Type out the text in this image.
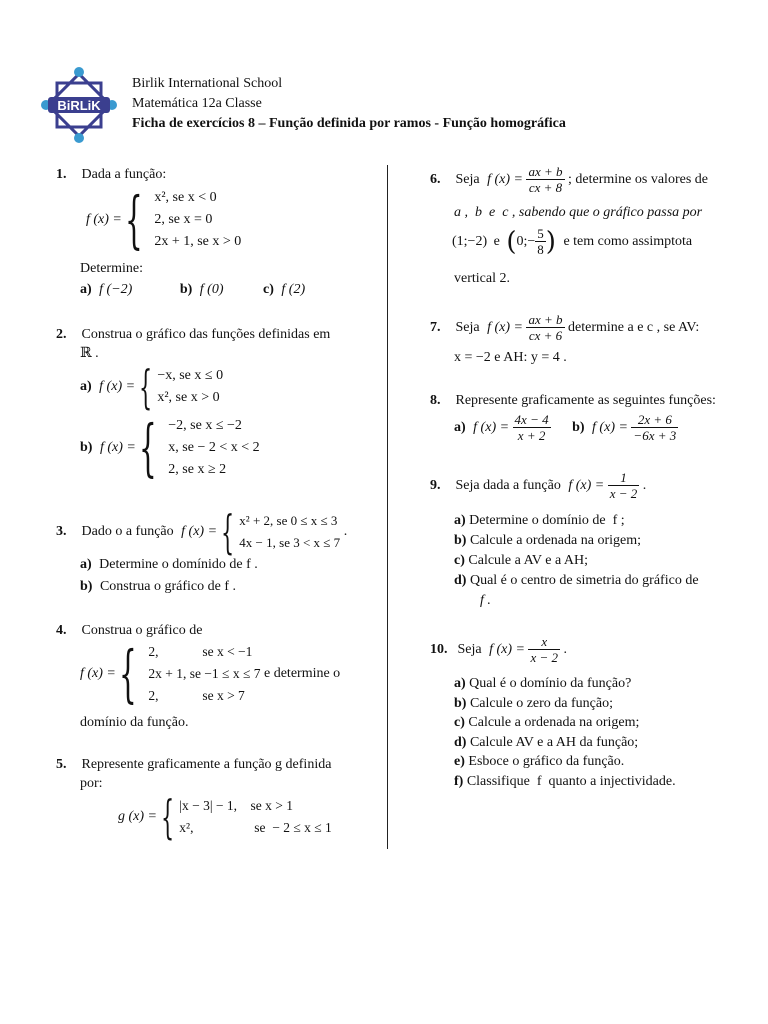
BiRLiK
Birlik International School
Matemática 12a Classe
Ficha de exercícios 8 – Função definida por ramos - Função homográfica
1. Dada a função:
f (x) = { x², se x < 0
2, se x = 0
2x + 1, se x > 0
Determine:
a) f (−2)	b) f (0)	c) f (2)
2. Construa o gráfico das funções definidas em
ℝ .
a) f (x) = { −x, se x ≤ 0
x², se x > 0
b) f (x) = { −2, se x ≤ −2
x, se − 2 < x < 2
2, se x ≥ 2
3. Dado o a função f (x) = { x² + 2, se 0 ≤ x ≤ 3
4x − 1, se 3 < x ≤ 7
.
a) Determine o domínido de f .
b) Construa o gráfico de f .
4. Construa o gráfico de
f (x) = { 2,             se x < −1
2x + 1, se −1 ≤ x ≤ 7
2,             se x > 7
e determine o
domínio da função.
5. Represente graficamente a função g definida
por:
g (x) = { |x − 3| − 1,    se x > 1
x²,                  se  − 2 ≤ x ≤ 1
6. Seja f $(x) = \frac{ax + b}{cx + 8}$ ; determine os valores de
a ,  b  e  c , sabendo que o gráfico passa por
(1;−2) e (0;− $\frac{5}{8}$ ) e tem como assimptota
vertical 2.
7. Seja f $(x) = \frac{ax + b}{cx + 6}$ determine a e c , se AV:
x = −2 e AH: y = 4 .
8. Represente graficamente as seguintes funções:
a) f $(x) = \frac{4x - 4}{x + 2} b$) f $(x) = \frac{2x + 6}{-6x + 3}$
9. Seja dada a função f $(x) = \frac{1}{x - 2}$ .
a) Determine o domínio de  f ;
b) Calcule a ordenada na origem;
c) Calcule a AV e a AH;
d) Qual é o centro de simetria do gráfico de
f .
10. Seja f $(x) = \frac{x}{x - 2}$ .
a) Qual é o domínio da função?
b) Calcule o zero da função;
c) Calcule a ordenada na origem;
d) Calcule AV e a AH da função;
e) Esboce o gráfico da função.
f) Classifique  f  quanto a injectividade.
